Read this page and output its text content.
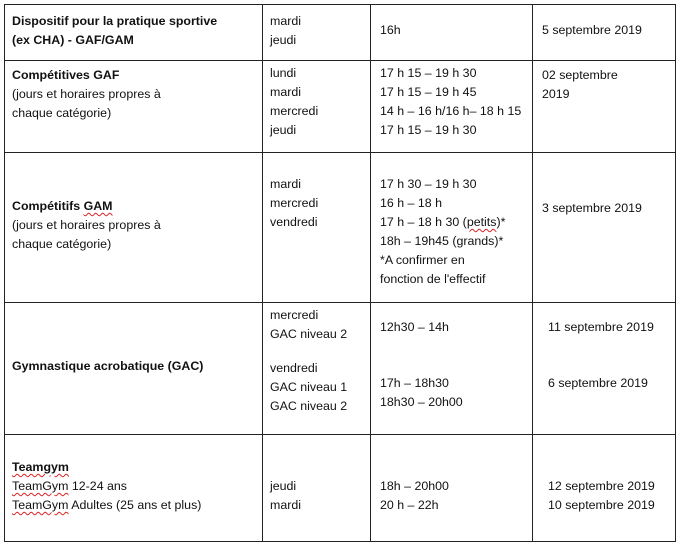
Dispositif pour la pratique sportive

(ex CHA) - GAF/GAM

mardi

jeudi

16h	5 septembre 2019

Compétitives GAF

(jours et horaires propres à

chaque catégorie)

lundi

mardi

mercredi

jeudi

17 h 15 – 19 h 30

17 h 15 – 19 h 45

14 h – 16 h/16 h– 18 h 15

17 h 15 – 19 h 30

02 septembre

2019

Compétitifs GAM

(jours et horaires propres à

chaque catégorie)

mardi

mercredi

vendredi

17 h 30 – 19 h 30

16 h – 18 h

17 h – 18 h 30 (petits)*

18h – 19h45 (grands)*

*A confirmer en

fonction de l'effectif

3 septembre 2019

Gymnastique acrobatique (GAC)

mercredi

GAC niveau 2

vendredi

GAC niveau 1

GAC niveau 2

12h30 – 14h

17h – 18h30

18h30 – 20h00

11 septembre 2019

6 septembre 2019

Teamgym

TeamGym 12-24 ans

TeamGym Adultes (25 ans et plus)

jeudi

mardi

18h – 20h00

20 h – 22h

12 septembre 2019

10 septembre 2019
